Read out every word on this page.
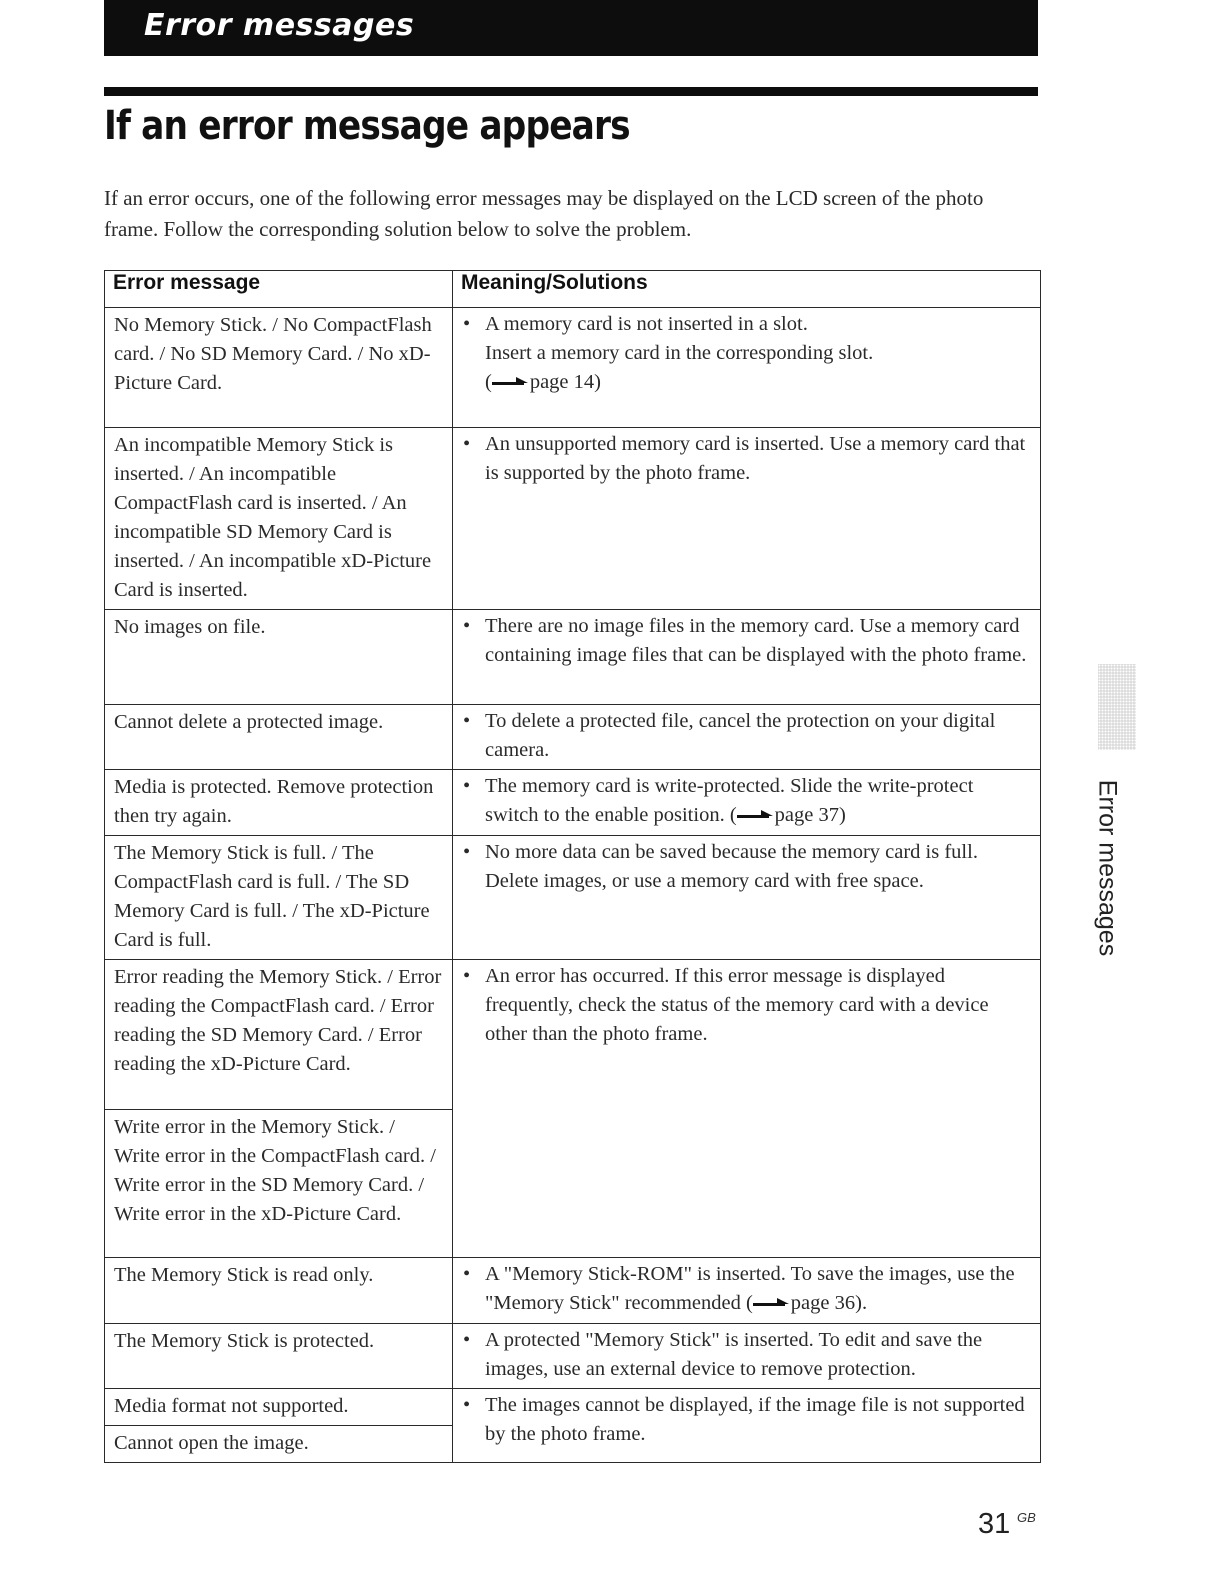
Error messages
If an error message appears

If an error occurs, one of the following error messages may be displayed on the LCD screen of the photo frame. Follow the corresponding solution below to solve the problem.

Error message	Meaning/Solutions
No Memory Stick. / No CompactFlash card. / No SD Memory Card. / No xD-Picture Card.	• A memory card is not inserted in a slot.
Insert a memory card in the corresponding slot.
( page 14)

An incompatible Memory Stick is inserted. / An incompatible CompactFlash card is inserted. / An incompatible SD Memory Card is inserted. / An incompatible xD-Picture Card is inserted.	• An unsupported memory card is inserted. Use a memory card that is supported by the photo frame.

No images on file.	• There are no image files in the memory card. Use a memory card containing image files that can be displayed with the photo frame.

Cannot delete a protected image.	• To delete a protected file, cancel the protection on your digital camera.

Media is protected. Remove protection then try again.	• The memory card is write-protected. Slide the write-protect switch to the enable position. ( page 37)

The Memory Stick is full. / The CompactFlash card is full. / The SD Memory Card is full. / The xD-Picture Card is full.	• No more data can be saved because the memory card is full. Delete images, or use a memory card with free space.

Error reading the Memory Stick. / Error reading the CompactFlash card. / Error reading the SD Memory Card. / Error reading the xD-Picture Card.	• An error has occurred. If this error message is displayed frequently, check the status of the memory card with a device other than the photo frame.

Write error in the Memory Stick. / Write error in the CompactFlash card. / Write error in the SD Memory Card. / Write error in the xD-Picture Card.	
The Memory Stick is read only.	• A "Memory Stick-ROM" is inserted. To save the images, use the "Memory Stick" recommended ( page 36).

The Memory Stick is protected.	• A protected "Memory Stick" is inserted. To edit and save the images, use an external device to remove protection.

Media format not supported.	• The images cannot be displayed, if the image file is not supported by the photo frame.

Cannot open the image.	
Error messages
31 GB
